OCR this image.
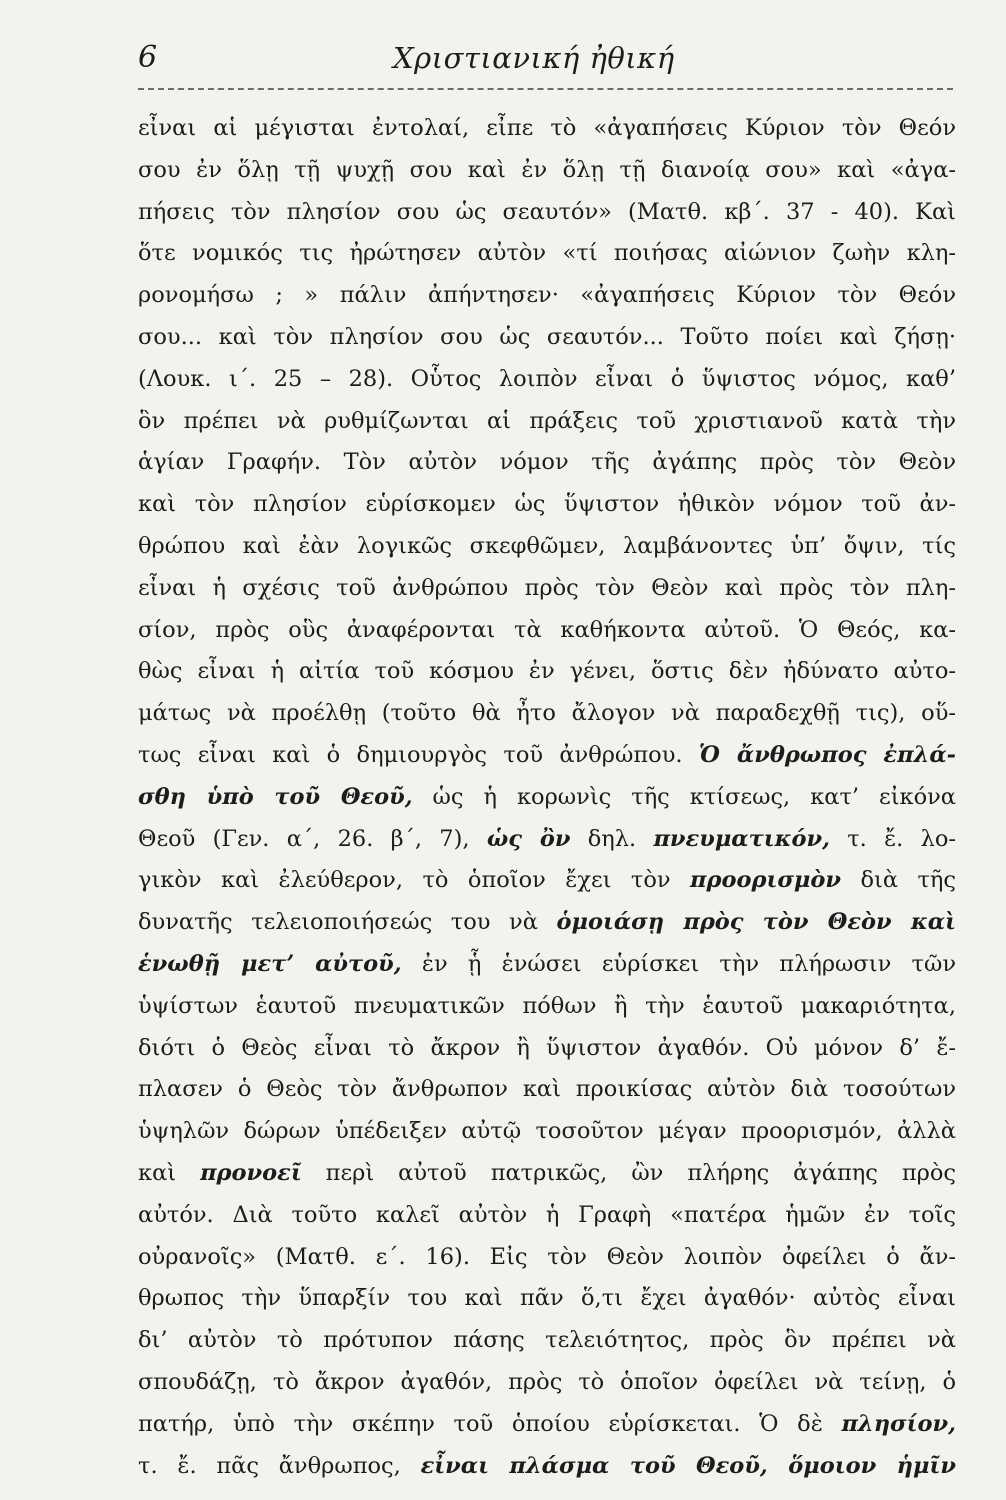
6	Χριστιανική ἠθική
εἶναι αἱ μέγισται ἐντολαί, εἶπε τὸ «ἀγαπήσεις Κύριον τὸν Θεόν
σου ἐν ὅλῃ τῇ ψυχῇ σου καὶ ἐν ὅλῃ τῇ διανοίᾳ σου» καὶ «ἀγα-
πήσεις τὸν πλησίον σου ὡς σεαυτόν» (Ματθ. κβ΄. 37 - 40). Καὶ
ὅτε νομικός τις ἠρώτησεν αὐτὸν «τί ποιήσας αἰώνιον ζωὴν κλη-
ρονομήσω ; » πάλιν ἀπήντησεν· «ἀγαπήσεις Κύριον τὸν Θεόν
σου... καὶ τὸν πλησίον σου ὡς σεαυτόν... Τοῦτο ποίει καὶ ζήσῃ·
(Λουκ. ι΄. 25 – 28). Οὗτος λοιπὸν εἶναι ὁ ὕψιστος νόμος, καθ’
ὃν πρέπει νὰ ρυθμίζωνται αἱ πράξεις τοῦ χριστιανοῦ κατὰ τὴν
ἁγίαν Γραφήν. Τὸν αὐτὸν νόμον τῆς ἀγάπης πρὸς τὸν Θεὸν
καὶ τὸν πλησίον εὑρίσκομεν ὡς ὕψιστον ἠθικὸν νόμον τοῦ ἀν-
θρώπου καὶ ἐὰν λογικῶς σκεφθῶμεν, λαμβάνοντες ὑπ’ ὄψιν, τίς
εἶναι ἡ σχέσις τοῦ ἀνθρώπου πρὸς τὸν Θεὸν καὶ πρὸς τὸν πλη-
σίον, πρὸς οὓς ἀναφέρονται τὰ καθήκοντα αὐτοῦ. Ὁ Θεός, κα-
θὼς εἶναι ἡ αἰτία τοῦ κόσμου ἐν γένει, ὅστις δὲν ἠδύνατο αὐτο-
μάτως νὰ προέλθῃ (τοῦτο θὰ ἦτο ἄλογον νὰ παραδεχθῇ τις), οὕ-
τως εἶναι καὶ ὁ δημιουργὸς τοῦ ἀνθρώπου. Ὁ ἄνθρωπος ἐπλά-
σθη ὑπὸ τοῦ Θεοῦ, ὡς ἡ κορωνὶς τῆς κτίσεως, κατ’ εἰκόνα
Θεοῦ (Γεν. α΄, 26. β΄, 7), ὡς ὂν δηλ. πνευματικόν, τ. ἔ. λο-
γικὸν καὶ ἐλεύθερον, τὸ ὁποῖον ἔχει τὸν προορισμὸν διὰ τῆς
δυνατῆς τελειοποιήσεώς του νὰ ὁμοιάσῃ πρὸς τὸν Θεὸν καὶ
ἑνωθῇ μετ’ αὐτοῦ, ἐν ᾗ ἑνώσει εὑρίσκει τὴν πλήρωσιν τῶν
ὑψίστων ἑαυτοῦ πνευματικῶν πόθων ἢ τὴν ἑαυτοῦ μακαριότητα,
διότι ὁ Θεὸς εἶναι τὸ ἄκρον ἢ ὕψιστον ἀγαθόν. Οὐ μόνον δ’ ἔ-
πλασεν ὁ Θεὸς τὸν ἄνθρωπον καὶ προικίσας αὐτὸν διὰ τοσούτων
ὑψηλῶν δώρων ὑπέδειξεν αὐτῷ τοσοῦτον μέγαν προορισμόν, ἀλλὰ
καὶ προνοεῖ περὶ αὐτοῦ πατρικῶς, ὢν πλήρης ἀγάπης πρὸς
αὐτόν. Διὰ τοῦτο καλεῖ αὐτὸν ἡ Γραφὴ «πατέρα ἡμῶν ἐν τοῖς
οὐρανοῖς» (Ματθ. ε΄. 16). Εἰς τὸν Θεὸν λοιπὸν ὀφείλει ὁ ἄν-
θρωπος τὴν ὕπαρξίν του καὶ πᾶν ὅ,τι ἔχει ἀγαθόν· αὐτὸς εἶναι
δι’ αὐτὸν τὸ πρότυπον πάσης τελειότητος, πρὸς ὃν πρέπει νὰ
σπουδάζῃ, τὸ ἄκρον ἀγαθόν, πρὸς τὸ ὁποῖον ὀφείλει νὰ τείνῃ, ὁ
πατήρ, ὑπὸ τὴν σκέπην τοῦ ὁποίου εὑρίσκεται. Ὁ δὲ πλησίον,
τ. ἔ. πᾶς ἄνθρωπος, εἶναι πλάσμα τοῦ Θεοῦ, ὅμοιον ἡμῖν
